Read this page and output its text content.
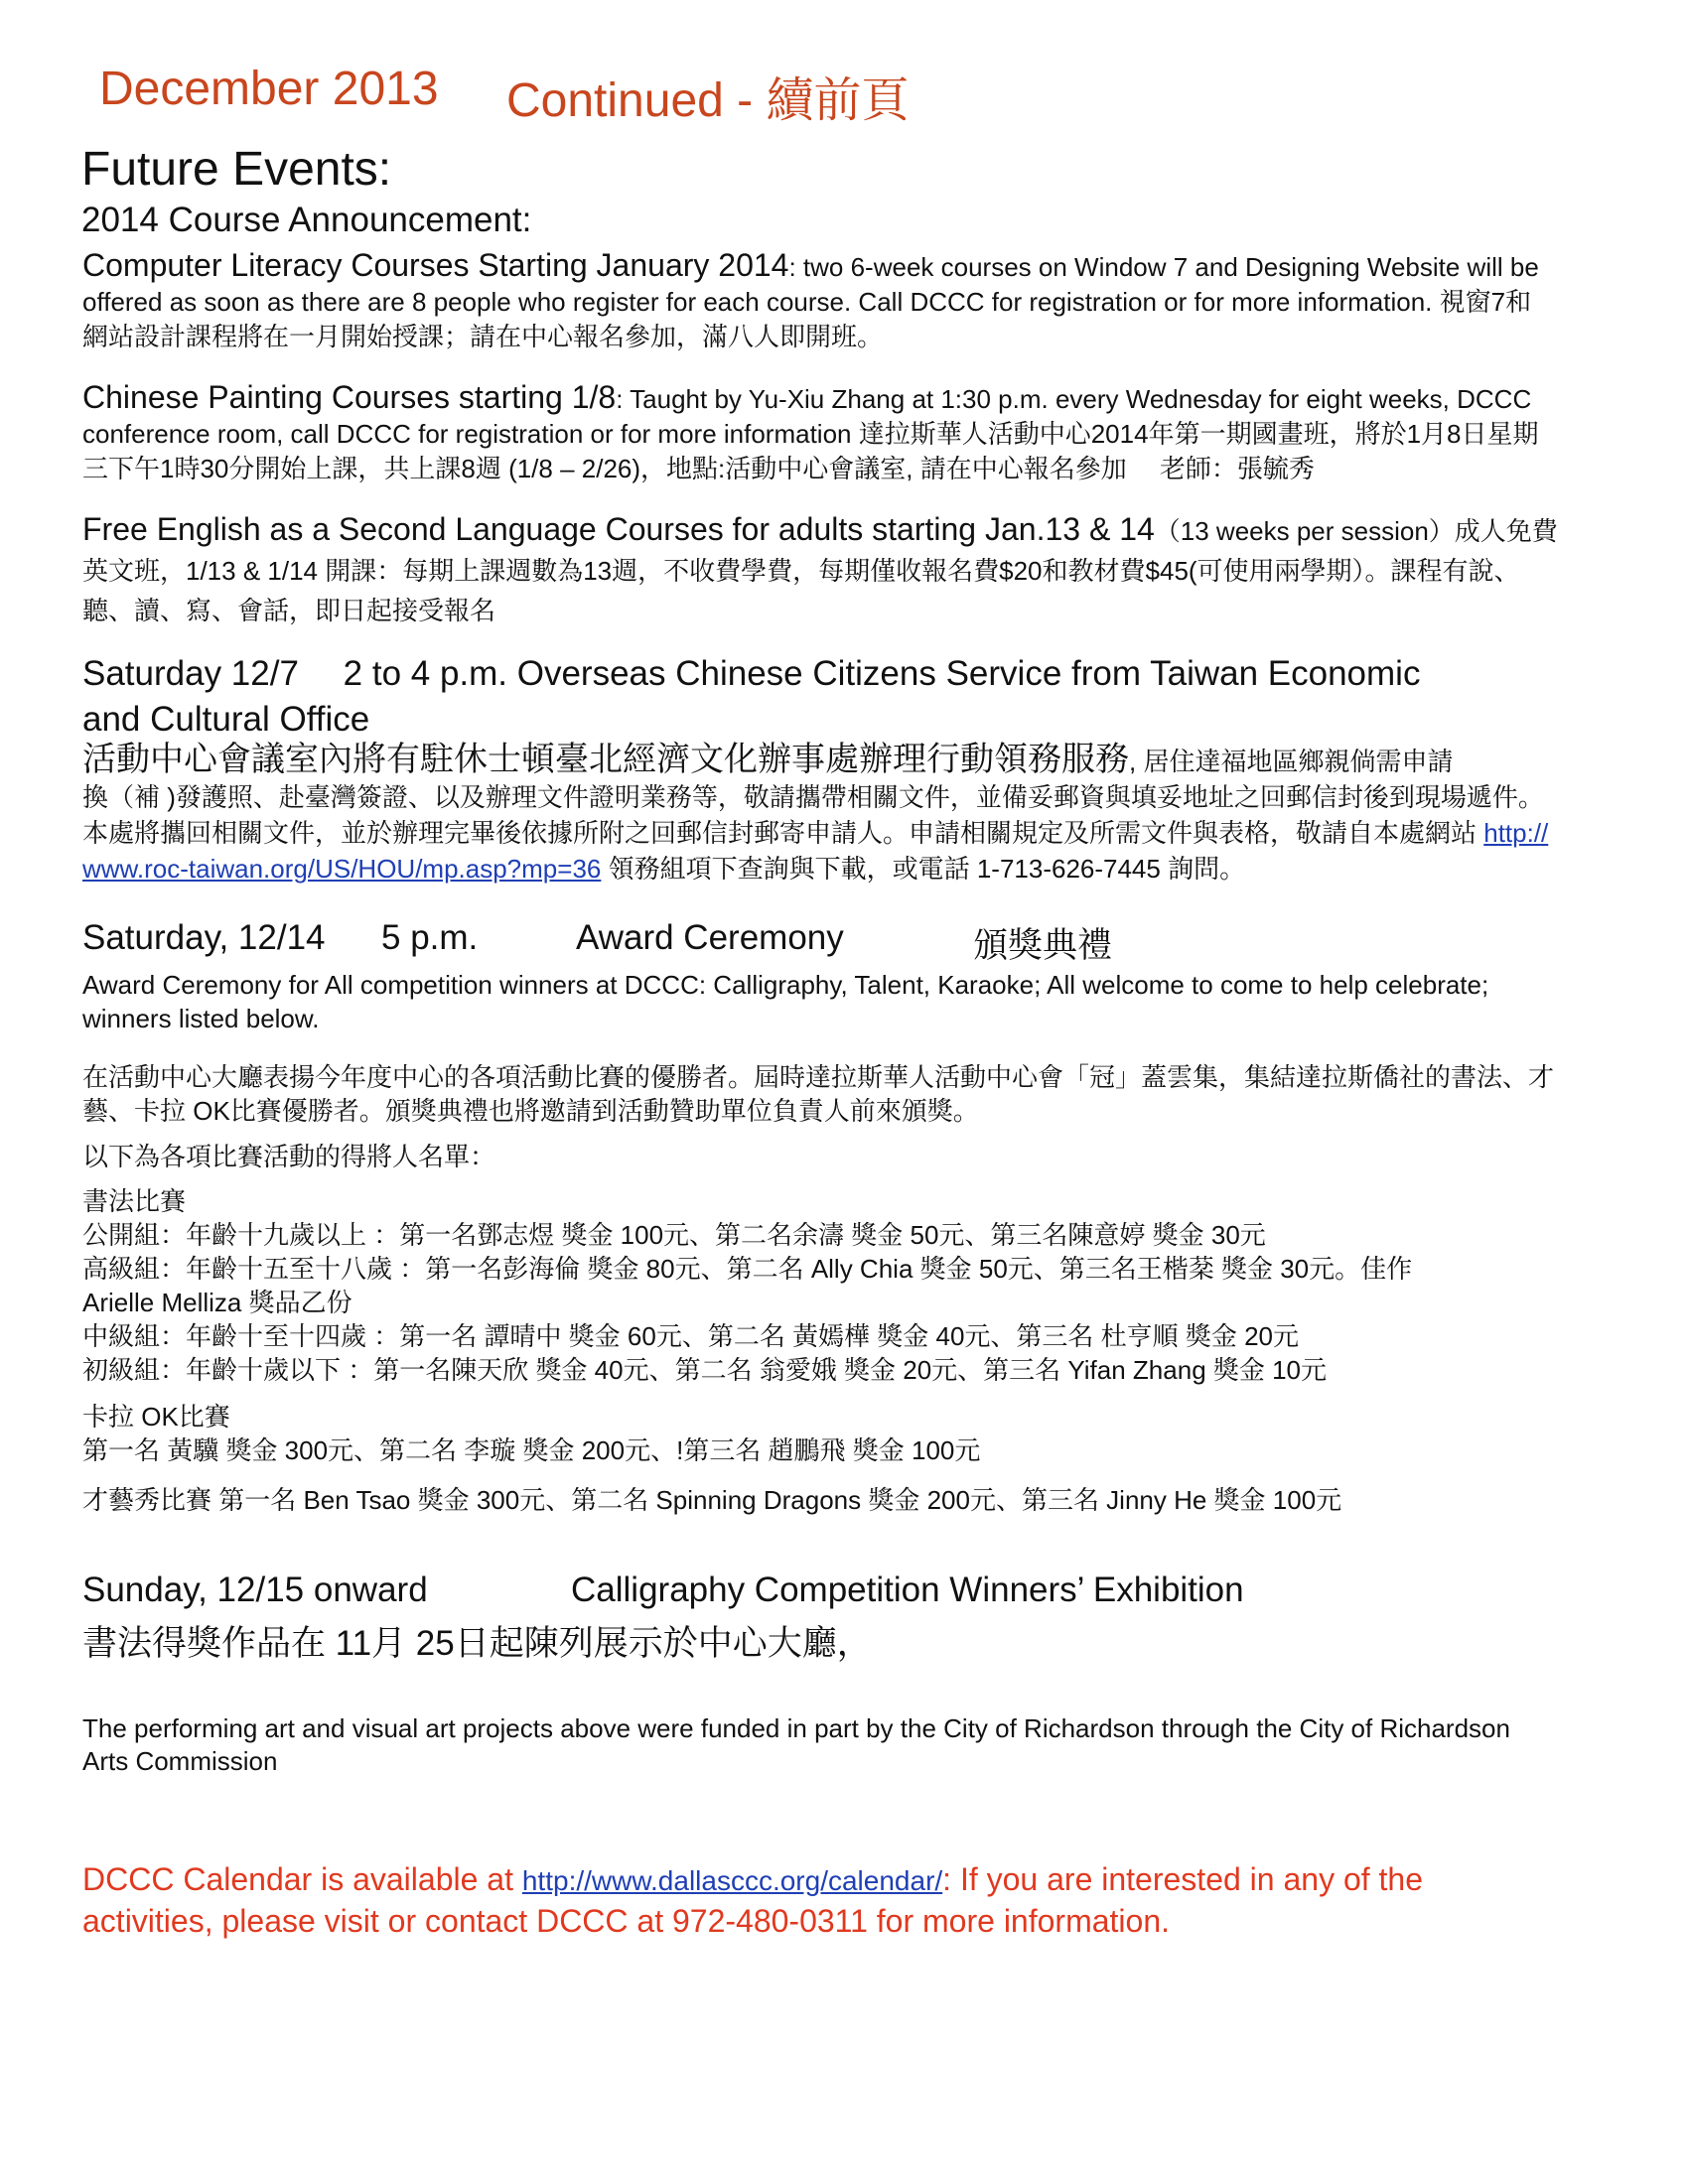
December 2013 Continued - 續前頁
Future Events:
2014 Course Announcement:
Computer Literacy Courses Starting January 2014: two 6-week courses on Window 7 and Designing Website will be
offered as soon as there are 8 people who register for each course. Call DCCC for registration or for more information. 視窗7和
網站設計課程將在一月開始授課；請在中心報名參加，滿八人即開班。
Chinese Painting Courses starting 1/8: Taught by Yu-Xiu Zhang at 1:30 p.m. every Wednesday for eight weeks, DCCC
conference room, call DCCC for registration or for more information 達拉斯華人活動中心2014年第一期國畫班，將於1月8日星期
三下午1時30分開始上課，共上課8週 (1/8 – 2/26)，地點:活動中心會議室, 請在中心報名參加　 老師：張毓秀
Free English as a Second Language Courses for adults starting Jan.13 & 14（13 weeks per session）成人免費
英文班，1/13 & 1/14 開課：每期上課週數為13週，不收費學費，每期僅收報名費$20和教材費$45(可使用兩學期）。課程有說、
聽、讀、寫、會話，即日起接受報名
Saturday 12/7 　2 to 4 p.m. Overseas Chinese Citizens Service from Taiwan Economic
and Cultural Office
活動中心會議室內將有駐休士頓臺北經濟文化辦事處辦理行動領務服務, 居住達福地區鄉親倘需申請
換（補 )發護照、赴臺灣簽證、以及辦理文件證明業務等，敬請攜帶相關文件，並備妥郵資與填妥地址之回郵信封後到現場遞件。
本處將攜回相關文件，並於辦理完畢後依據所附之回郵信封郵寄申請人。申請相關規定及所需文件與表格，敬請自本處網站 http://
www.roc-taiwan.org/US/HOU/mp.asp?mp=36 領務組項下查詢與下載，或電話 1-713-626-7445 詢問。
Saturday, 12/14 5 p.m.	Award Ceremony	頒獎典禮
Award Ceremony for All competition winners at DCCC: Calligraphy, Talent, Karaoke; All welcome to come to help celebrate;
winners listed below.
在活動中心大廳表揚今年度中心的各項活動比賽的優勝者。屆時達拉斯華人活動中心會「冠」蓋雲集，集結達拉斯僑社的書法、才
藝、卡拉 OK比賽優勝者。頒獎典禮也將邀請到活動贊助單位負責人前來頒獎。
以下為各項比賽活動的得將人名單：
書法比賽
公開組：年齡十九歲以上 ：第一名鄧志煜 獎金 100元、第二名余濤 獎金 50元、第三名陳意婷 獎金 30元
高級組：年齡十五至十八歲 ：第一名彭海倫 獎金 80元、第二名 Ally Chia 獎金 50元、第三名王楷棻 獎金 30元。佳作
Arielle Melliza 獎品乙份
中級組：年齡十至十四歲 ：第一名 譚晴中 獎金 60元、第二名 黃嫣樺 獎金 40元、第三名 杜亨順 獎金 20元
初級組：年齡十歲以下 ：第一名陳天欣 獎金 40元、第二名 翁愛娥 獎金 20元、第三名 Yifan Zhang 獎金 10元
卡拉 OK比賽
第一名 黃驥 獎金 300元、第二名 李璇 獎金 200元、!第三名 趙鵬飛 獎金 100元
才藝秀比賽 第一名 Ben Tsao 獎金 300元、第二名 Spinning Dragons 獎金 200元、第三名 Jinny He 獎金 100元
Sunday, 12/15 onward	Calligraphy Competition Winners’ Exhibition
書法得獎作品在 11月 25日起陳列展示於中心大廳，
The performing art and visual art projects above were funded in part by the City of Richardson through the City of Richardson
Arts Commission
DCCC Calendar is available at http://www.dallasccc.org/calendar/: If you are interested in any of the
activities, please visit or contact DCCC at 972-480-0311 for more information.
